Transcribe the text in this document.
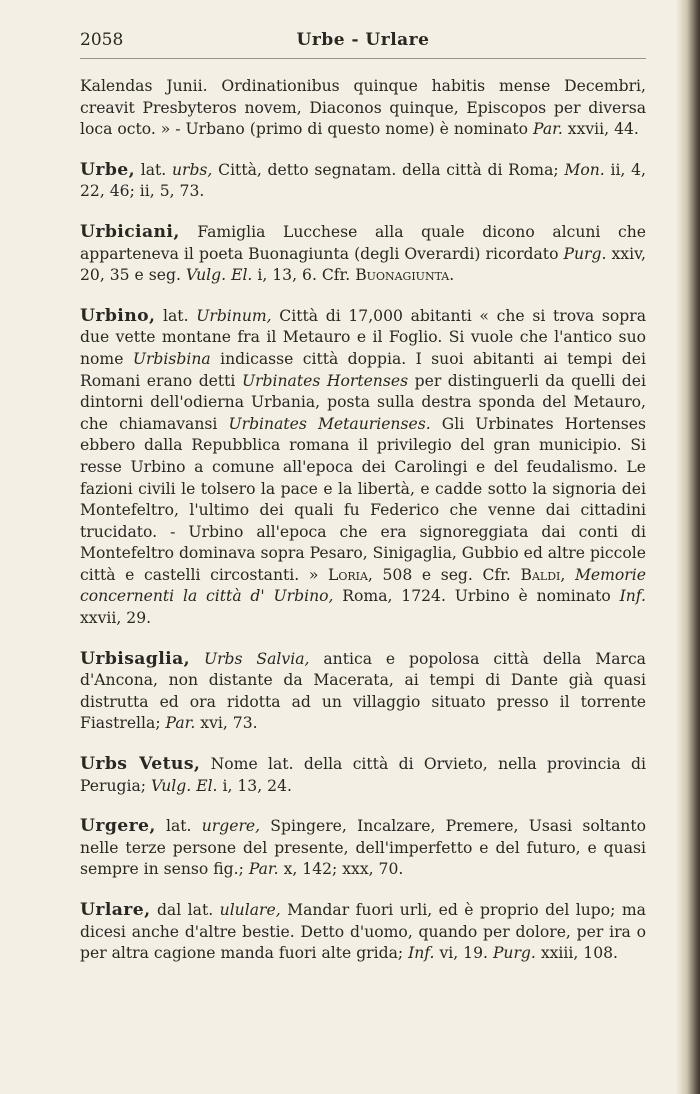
2058	Urbe - Urlare

Kalendas Junii. Ordinationibus quinque habitis mense Decembri, creavit Presbyteros novem, Diaconos quinque, Episcopos per diversa loca octo. » - Urbano (primo di questo nome) è nominato Par. xxvii, 44.

Urbe, lat. urbs, Città, detto segnatam. della città di Roma; Mon. ii, 4, 22, 46; ii, 5, 73.

Urbiciani, Famiglia Lucchese alla quale dicono alcuni che apparteneva il poeta Buonagiunta (degli Overardi) ricordato Purg. xxiv, 20, 35 e seg. Vulg. El. i, 13, 6. Cfr. Buonagiunta.

Urbino, lat. Urbinum, Città di 17,000 abitanti « che si trova sopra due vette montane fra il Metauro e il Foglio. Si vuole che l'antico suo nome Urbisbina indicasse città doppia. I suoi abitanti ai tempi dei Romani erano detti Urbinates Hortenses per distinguerli da quelli dei dintorni dell'odierna Urbania, posta sulla destra sponda del Metauro, che chiamavansi Urbinates Metaurienses. Gli Urbinates Hortenses ebbero dalla Repubblica romana il privilegio del gran municipio. Si resse Urbino a comune all'epoca dei Carolingi e del feudalismo. Le fazioni civili le tolsero la pace e la libertà, e cadde sotto la signoria dei Montefeltro, l'ultimo dei quali fu Federico che venne dai cittadini trucidato. - Urbino all'epoca che era signoreggiata dai conti di Montefeltro dominava sopra Pesaro, Sinigaglia, Gubbio ed altre piccole città e castelli circostanti. » Loria, 508 e seg. Cfr. Baldi, Memorie concernenti la città d' Urbino, Roma, 1724. Urbino è nominato Inf. xxvii, 29.

Urbisaglia, Urbs Salvia, antica e popolosa città della Marca d'Ancona, non distante da Macerata, ai tempi di Dante già quasi distrutta ed ora ridotta ad un villaggio situato presso il torrente Fiastrella; Par. xvi, 73.

Urbs Vetus, Nome lat. della città di Orvieto, nella provincia di Perugia; Vulg. El. i, 13, 24.

Urgere, lat. urgere, Spingere, Incalzare, Premere, Usasi soltanto nelle terze persone del presente, dell'imperfetto e del futuro, e quasi sempre in senso fig.; Par. x, 142; xxx, 70.

Urlare, dal lat. ululare, Mandar fuori urli, ed è proprio del lupo; ma dicesi anche d'altre bestie. Detto d'uomo, quando per dolore, per ira o per altra cagione manda fuori alte grida; Inf. vi, 19. Purg. xxiii, 108.
